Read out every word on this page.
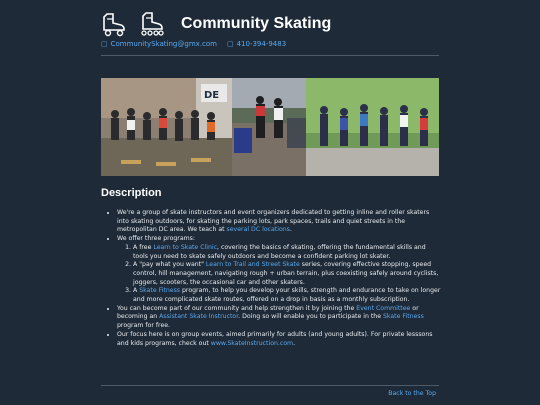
Community Skating
▢ CommunitySkating@gmx.com ▢ 410-394-9483
DE
Description
• We're a group of skate instructors and event organizers dedicated to getting inline and roller skaters into skating outdoors, for skating the parking lots, park spaces, trails and quiet streets in the metropolitan DC area. We teach at several DC locations.
• We offer three programs:
1. A free Learn to Skate Clinic, covering the basics of skating, offering the fundamental skills and tools you need to skate safely outdoors and become a confident parking lot skater.
2. A "pay what you want" Learn to Trail and Street Skate series, covering effective stopping, speed control, hill management, navigating rough + urban terrain, plus coexisting safely around cyclists, joggers, scooters, the occasional car and other skaters.
3. A Skate Fitness program, to help you develop your skills, strength and endurance to take on longer and more complicated skate routes, offered on a drop in basis as a monthly subscription.
• You can become part of our community and help strengthen it by joining the Event Committee or becoming an Assistant Skate Instructor. Doing so will enable you to participate in the Skate Fitness program for free.
• Our focus here is on group events, aimed primarily for adults (and young adults). For private lesssons and kids programs, check out www.SkateInstruction.com.
Back to the Top
